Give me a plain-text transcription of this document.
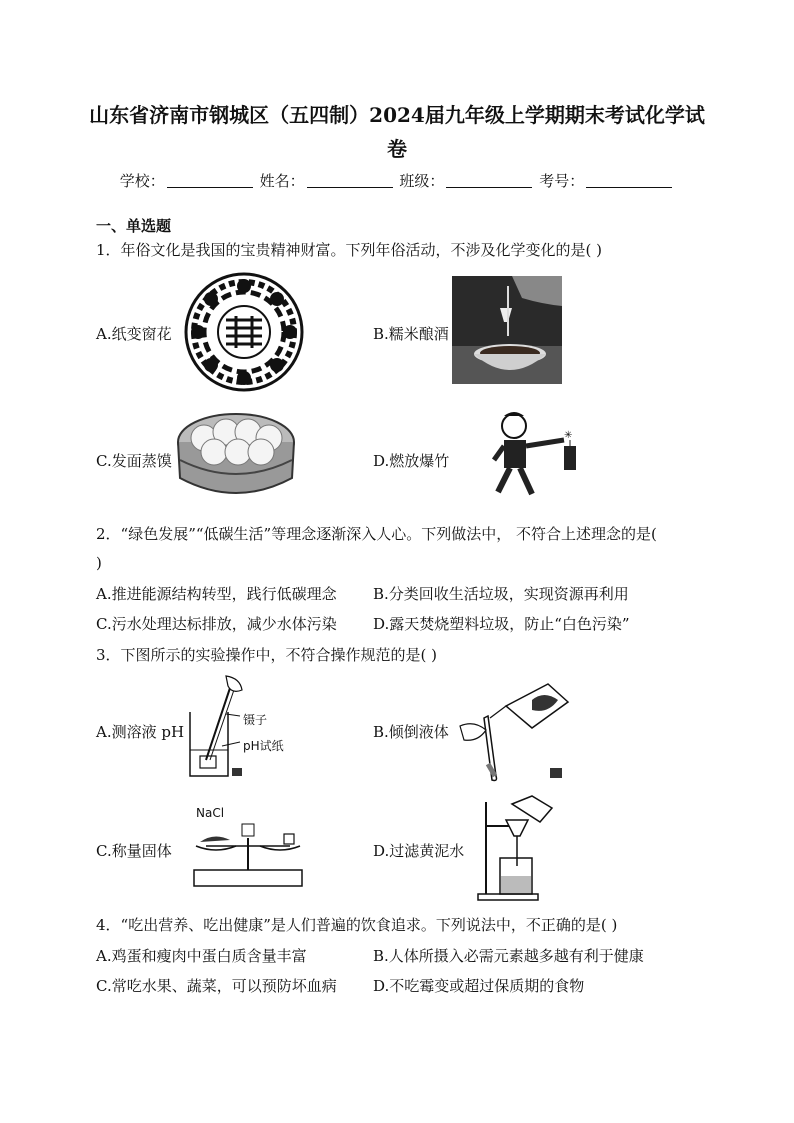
山东省济南市钢城区（五四制）2024届九年级上学期期末考试化学试
卷
学校：	姓名：	班级：	考号：
一、单选题
1．年俗文化是我国的宝贵精神财富。下列年俗活动，不涉及化学变化的是( )
A.纸变窗花	B.糯米酿酒
C.发面蒸馍	D.燃放爆竹
✳
2．“绿色发展”“低碳生活”等理念逐渐深入人心。下列做法中， 不符合上述理念的是(
)
A.推进能源结构转型，践行低碳理念 B.分类回收生活垃圾，实现资源再利用
C.污水处理达标排放，减少水体污染 D.露天焚烧塑料垃圾，防止“白色污染”
3．下图所示的实验操作中，不符合操作规范的是( )
A.测溶液 pH
镊子
pH试纸
B.倾倒液体
C.称量固体
NaCl
D.过滤黄泥水
4．“吃出营养、吃出健康”是人们普遍的饮食追求。下列说法中，不正确的是( )
A.鸡蛋和瘦肉中蛋白质含量丰富	B.人体所摄入必需元素越多越有利于健康
C.常吃水果、蔬菜，可以预防坏血病 D.不吃霉变或超过保质期的食物
